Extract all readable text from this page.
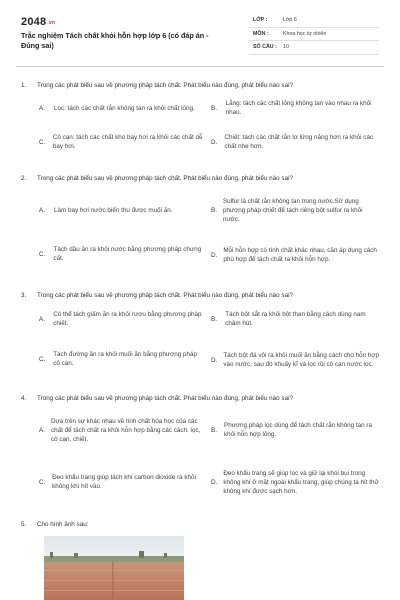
2048.vn
Trắc nghiệm Tách chất khỏi hỗn hợp lớp 6 (có đáp án - Đúng sai)
LỚP :	Lớp 6
MÔN :	Khoa học tự nhiên
SỐ CÂU :	10
1.	Trong các phát biểu sau về phương pháp tách chất. Phát biểu nào đúng, phát biểu nào sai?
A.	Lọc: tách các chất rắn không tan ra khỏi chất lỏng.	B.
Lắng: tách các chất lỏng không tan vào nhau ra khỏi nhau.
C.
Cô cạn: tách các chất khó bay hơi ra khỏi các chất dễ bay hơi.
D.
Chiết: tách các chất rắn lơ lửng nặng hơn ra khỏi các chất nhẹ hơn.
2.	Trong các phát biểu sau về phương pháp tách chất. Phát biểu nào đúng, phát biểu nào sai?
A.	Làm bay hơi nước biển thu được muối ăn.	B.
Sulfur là chất rắn không tan trong nước.Sử dụng phương pháp chiết để tách riêng bột sulfur ra khỏi nước.
C.
Tách dầu ăn ra khỏi nước bằng phương pháp chưng cất.	D.
Mỗi hỗn hợp có tính chất khác nhau, cần áp dụng cách phù hợp để tách chất ra khỏi hỗn hợp.
3.	Trong các phát biểu sau về phương pháp tách chất. Phát biểu nào đúng, phát biểu nào sai?
A.
Có thể tách giấm ăn ra khỏi rượu bằng phương pháp chiết.
B.
Tách bột sắt ra khỏi bột than bằng cách dùng nam châm hút.
C.
Tách đường ăn ra khỏi muối ăn bằng phương pháp cô cạn.	D.
Tách bột đá vôi ra khỏi muối ăn bằng cách cho hỗn hợp vào nước, sau đó khuấy kĩ và lọc rồi cô cạn nước lọc.
4.	Trong các phát biểu sau về phương pháp tách chất. Phát biểu nào đúng, phát biểu nào sai?
A.
Dựa trên sự khác nhau về tính chất hóa học của các chất để tách chất ra khỏi hỗn hợp bằng các cách: lọc, cô cạn, chiết.
B.
Phương pháp lọc dùng để tách chất rắn không tan ra khỏi hỗn hợp lỏng.
C.
Đeo khẩu trang giúp tách khí carbon dioxide ra khỏi không khí hít vào.
D.
Đeo khẩu trang sẽ giúp lọc và giữ lại khói bụi trong không khí ở mặt ngoài khẩu trang, giúp chúng ta hít thở không khí được sạch hơn.
5.	Cho hình ảnh sau:
